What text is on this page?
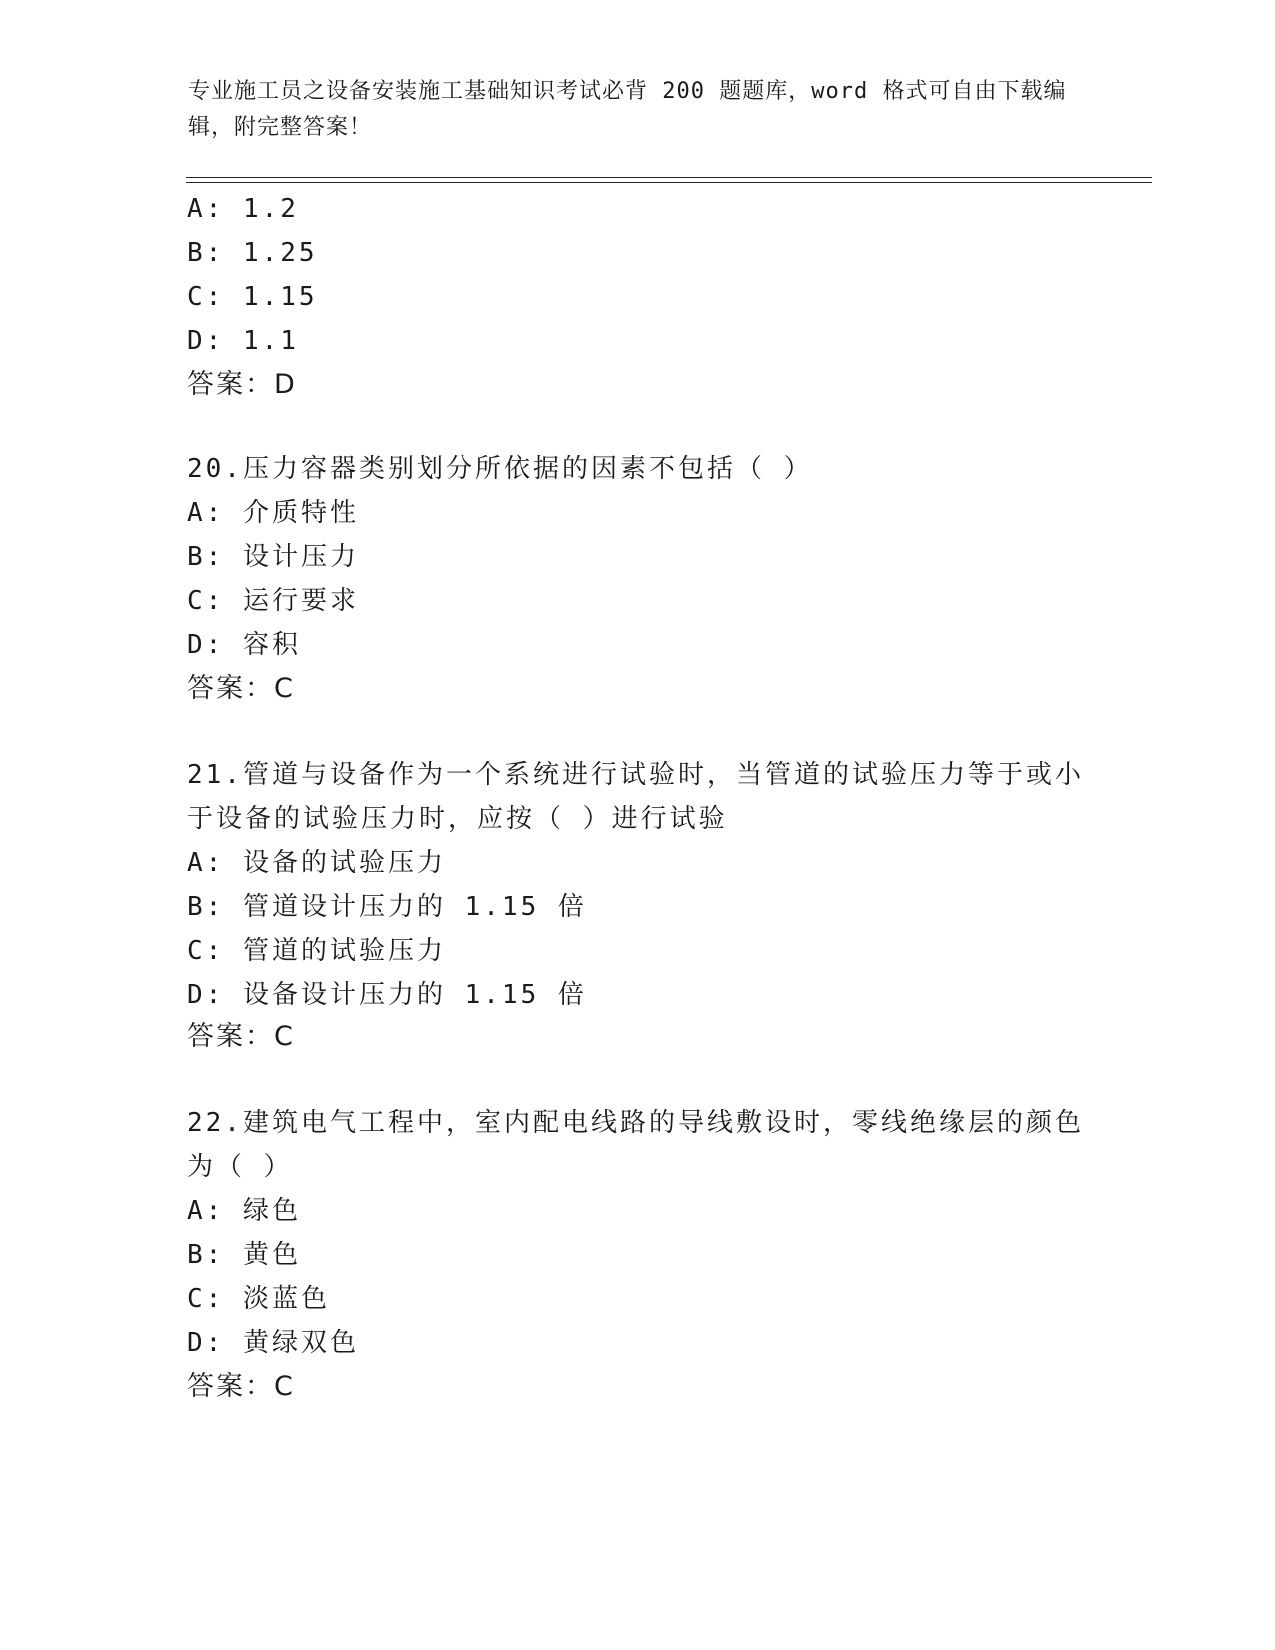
专业施工员之设备安装施工基础知识考试必背 200 题题库，word 格式可自由下载编辑，附完整答案！
A: 1.2
B: 1.25
C: 1.15
D: 1.1
答案：D
20.压力容器类别划分所依据的因素不包括（ ）
A: 介质特性
B: 设计压力
C: 运行要求
D: 容积
答案：C
21.管道与设备作为一个系统进行试验时，当管道的试验压力等于或小
于设备的试验压力时，应按（ ）进行试验
A: 设备的试验压力
B: 管道设计压力的 1.15 倍
C: 管道的试验压力
D: 设备设计压力的 1.15 倍
答案：C
22.建筑电气工程中，室内配电线路的导线敷设时，零线绝缘层的颜色
为（ ）
A: 绿色
B: 黄色
C: 淡蓝色
D: 黄绿双色
答案：C
